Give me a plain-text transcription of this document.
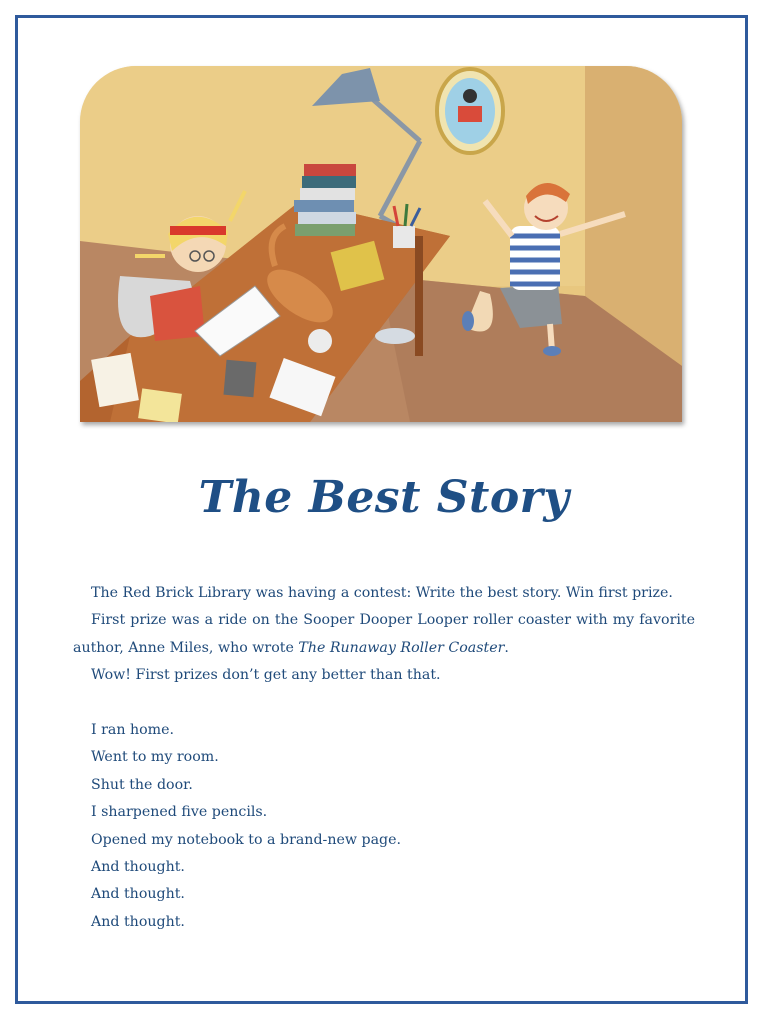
The Best Story

The Red Brick Library was having a contest: Write the best story. Win first prize.

First prize was a ride on the Sooper Dooper Looper roller coaster with my favorite author, Anne Miles, who wrote The Runaway Roller Coaster.

Wow! First prizes don’t get any better than that.

I ran home.

Went to my room.

Shut the door.

I sharpened five pencils.

Opened my notebook to a brand-new page.

And thought.

And thought.

And thought.
